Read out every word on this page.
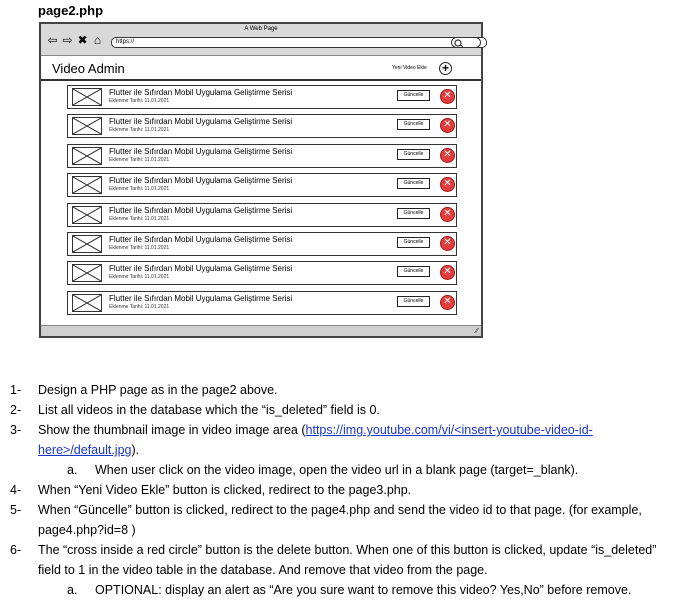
page2.php
A Web Page
⇦ ⇨ ✖ ⌂	https://
Video Admin	Yeni Video Ekle +
Flutter ile Sıfırdan Mobil Uygulama Geliştirme Serisi
Eklenme Tarihi: 11.01.2021
Güncelle	✕
Flutter ile Sıfırdan Mobil Uygulama Geliştirme Serisi
Eklenme Tarihi: 11.01.2021
Güncelle	✕
Flutter ile Sıfırdan Mobil Uygulama Geliştirme Serisi
Eklenme Tarihi: 11.01.2021
Güncelle	✕
Flutter ile Sıfırdan Mobil Uygulama Geliştirme Serisi
Eklenme Tarihi: 11.01.2021
Güncelle	✕
Flutter ile Sıfırdan Mobil Uygulama Geliştirme Serisi
Eklenme Tarihi: 11.01.2021
Güncelle	✕
Flutter ile Sıfırdan Mobil Uygulama Geliştirme Serisi
Eklenme Tarihi: 11.01.2021
Güncelle	✕
Flutter ile Sıfırdan Mobil Uygulama Geliştirme Serisi
Eklenme Tarihi: 11.01.2021
Güncelle	✕
Flutter ile Sıfırdan Mobil Uygulama Geliştirme Serisi
Eklenme Tarihi: 11.01.2021
Güncelle	✕
⁄⁄
1- Design a PHP page as in the page2 above.
2- List all videos in the database which the “is_deleted” field is 0.
3- Show the thumbnail image in video image area (https://img.youtube.com/vi/<insert-youtube-video-id-
here>/default.jpg).
a. When user click on the video image, open the video url in a blank page (target=_blank).
4- When “Yeni Video Ekle” button is clicked, redirect to the page3.php.
5- When “Güncelle” button is clicked, redirect to the page4.php and send the video id to that page. (for example,
page4.php?id=8 )
6- The “cross inside a red circle” button is the delete button. When one of this button is clicked, update “is_deleted”
field to 1 in the video table in the database. And remove that video from the page.
a. OPTIONAL: display an alert as “Are you sure want to remove this video? Yes,No” before remove.
